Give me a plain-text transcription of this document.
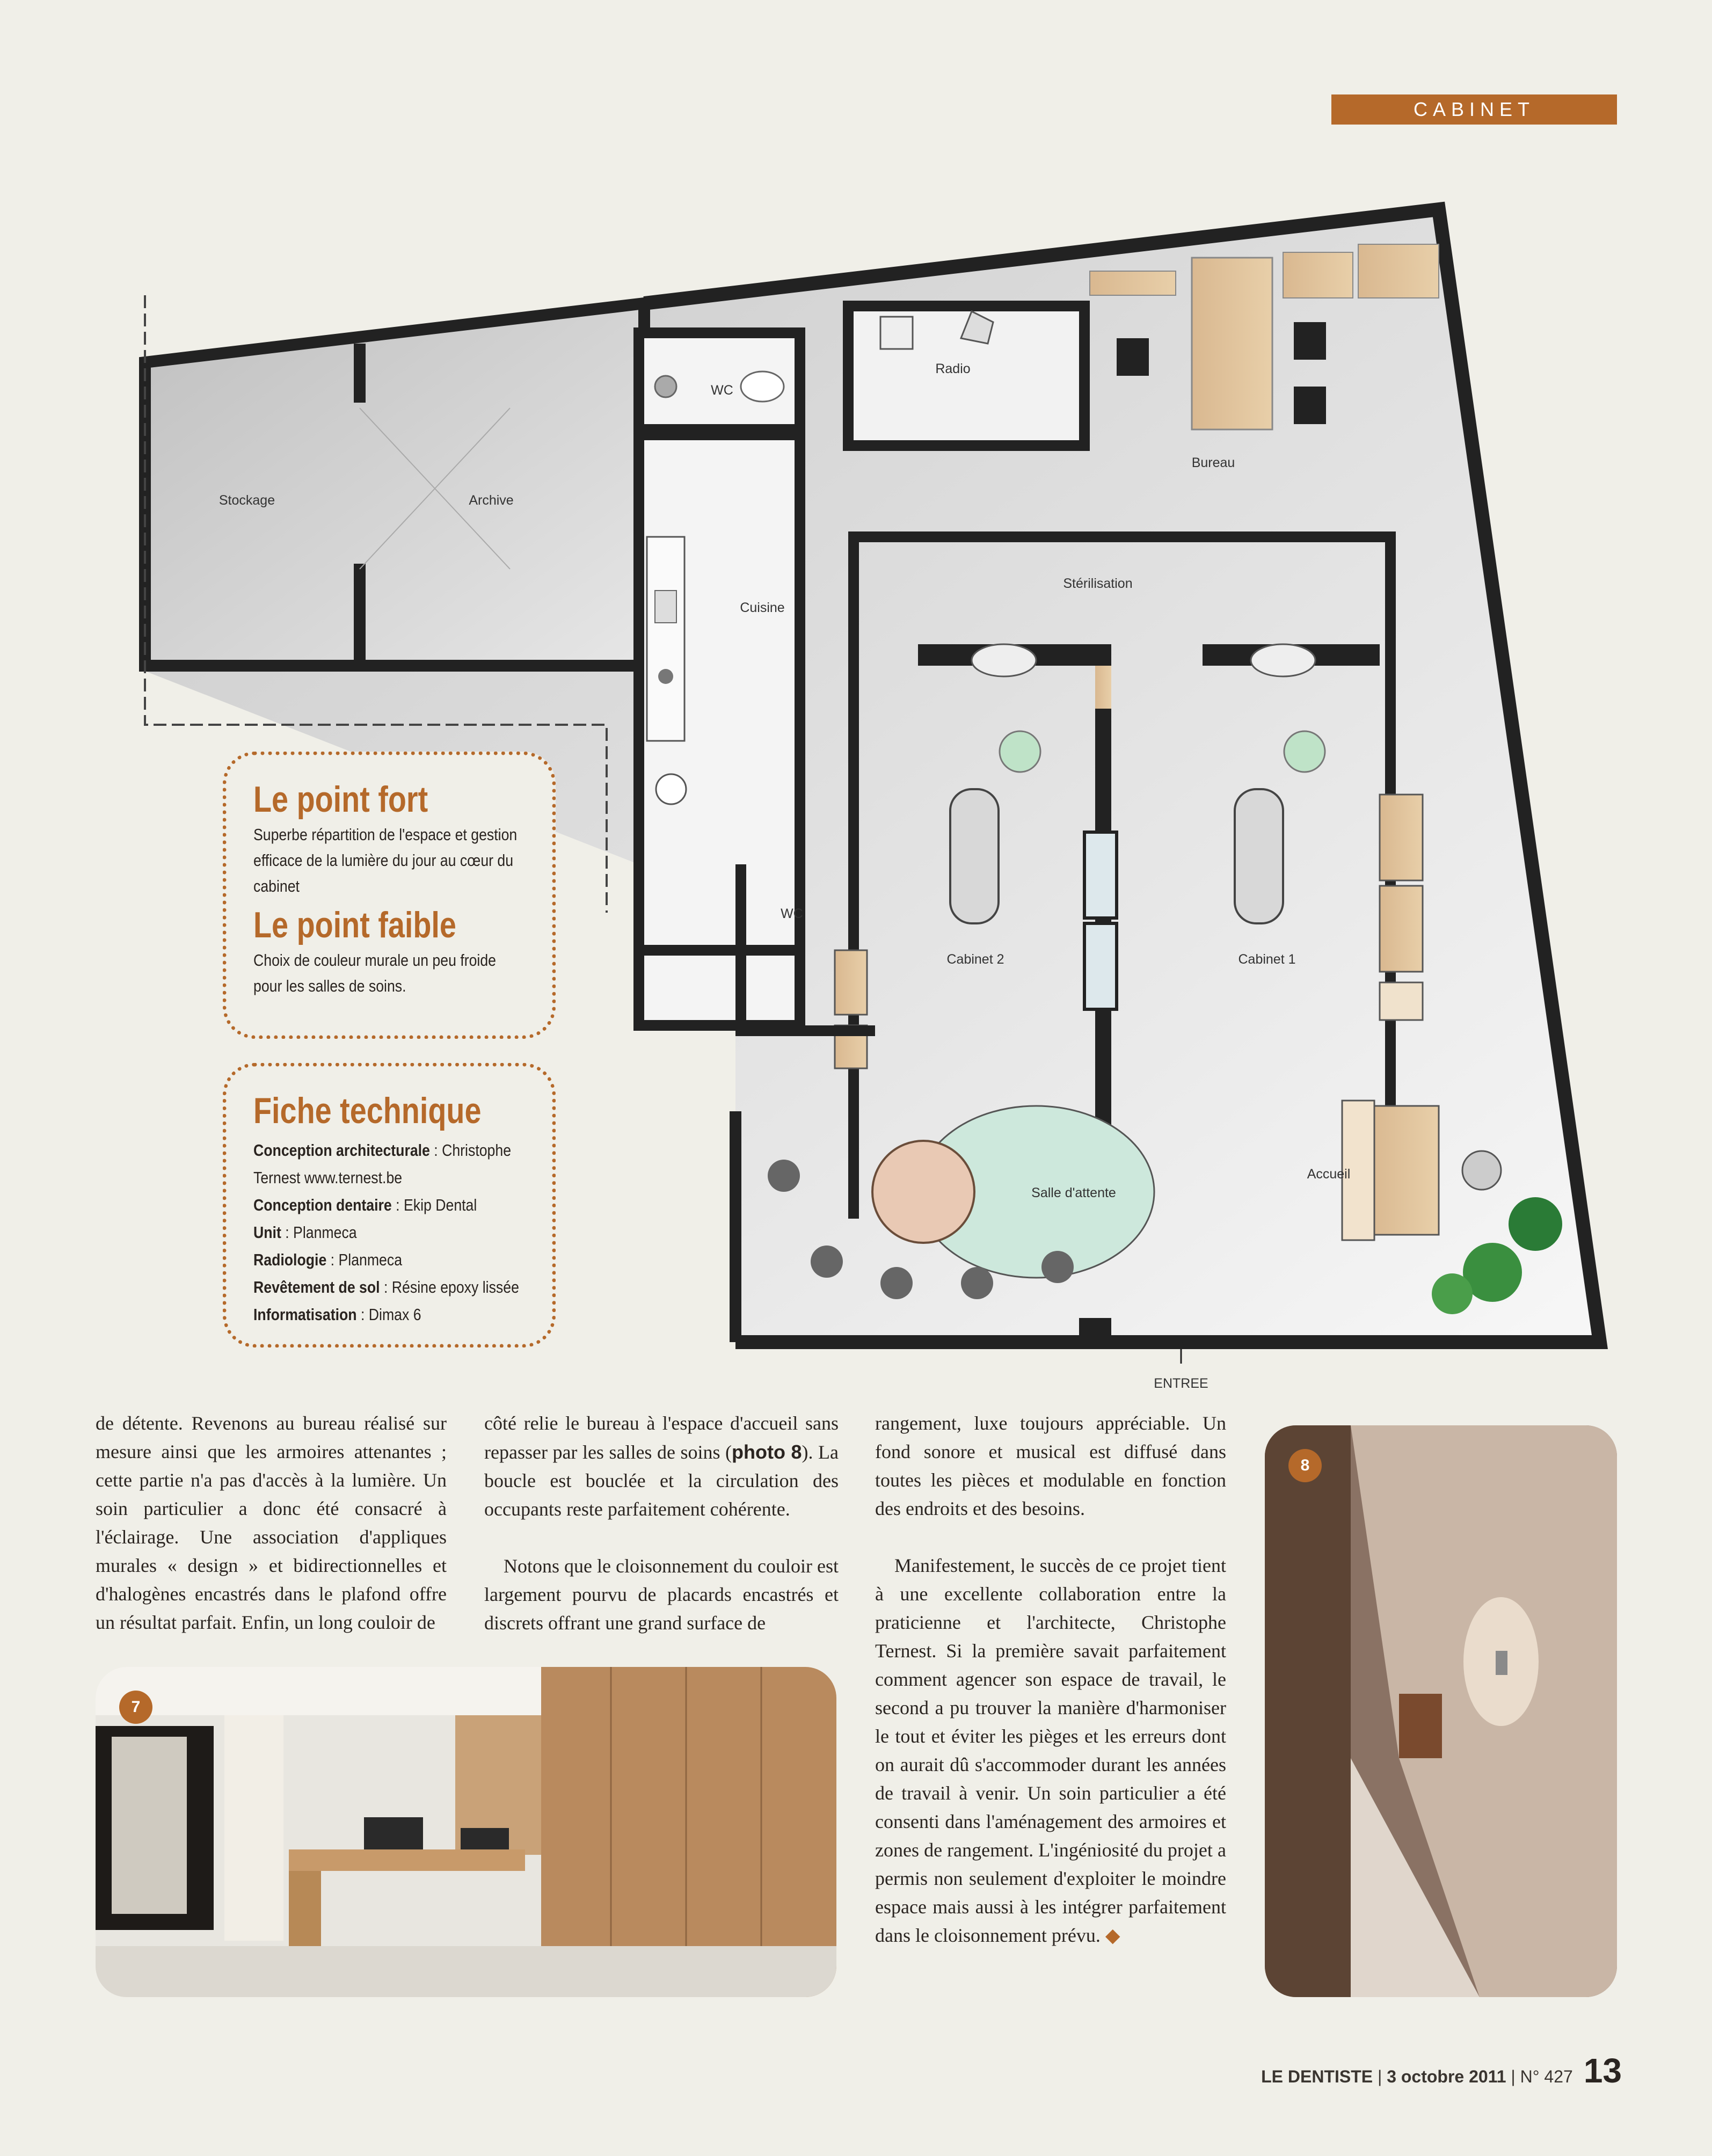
CABINET
Stockage	Archive
WC
Radio
Bureau
Cuisine
Stérilisation
WC
Cabinet 2	Cabinet 1
Accueil
Salle d'attente
ENTREE
Le point fort

Superbe répartition de l'espace et gestion efficace de la lumière du jour au cœur du cabinet

Le point faible

Choix de couleur murale un peu froide pour les salles de soins.

Fiche technique
Conception architecturale : Christophe
Ternest www.ternest.be
Conception dentaire : Ekip Dental
Unit : Planmeca
Radiologie : Planmeca
Revêtement de sol : Résine epoxy lissée
Informatisation : Dimax 6

de détente. Revenons au bureau réalisé sur mesure ainsi que les armoires attenantes ; cette partie n'a pas d'accès à la lumière. Un soin particulier a donc été consacré à l'éclairage. Une association d'appliques murales « design » et bidirectionnelles et d'halogènes encastrés dans le plafond offre un résultat parfait. Enfin, un long couloir de

côté relie le bureau à l'espace d'accueil sans repasser par les salles de soins (photo 8). La boucle est bouclée et la circulation des occupants reste parfaitement cohérente.

Notons que le cloisonnement du couloir est largement pourvu de placards encastrés et discrets offrant une grand surface de

rangement, luxe toujours appréciable. Un fond sonore et musical est diffusé dans toutes les pièces et modulable en fonction des endroits et des besoins.

Manifestement, le succès de ce projet tient à une excellente collaboration entre la praticienne et l'architecte, Christophe Ternest. Si la première savait parfaitement comment agencer son espace de travail, le second a pu trouver la manière d'harmoniser le tout et éviter les pièges et les erreurs dont on aurait dû s'accommoder durant les années de travail à venir. Un soin particulier a été consenti dans l'aménagement des armoires et zones de rangement. L'ingéniosité du projet a permis non seulement d'exploiter le moindre espace mais aussi à les intégrer parfaitement dans le cloisonnement prévu. ◆

7
8
LE DENTISTE | 3 octobre 2011 | N° 427 13
